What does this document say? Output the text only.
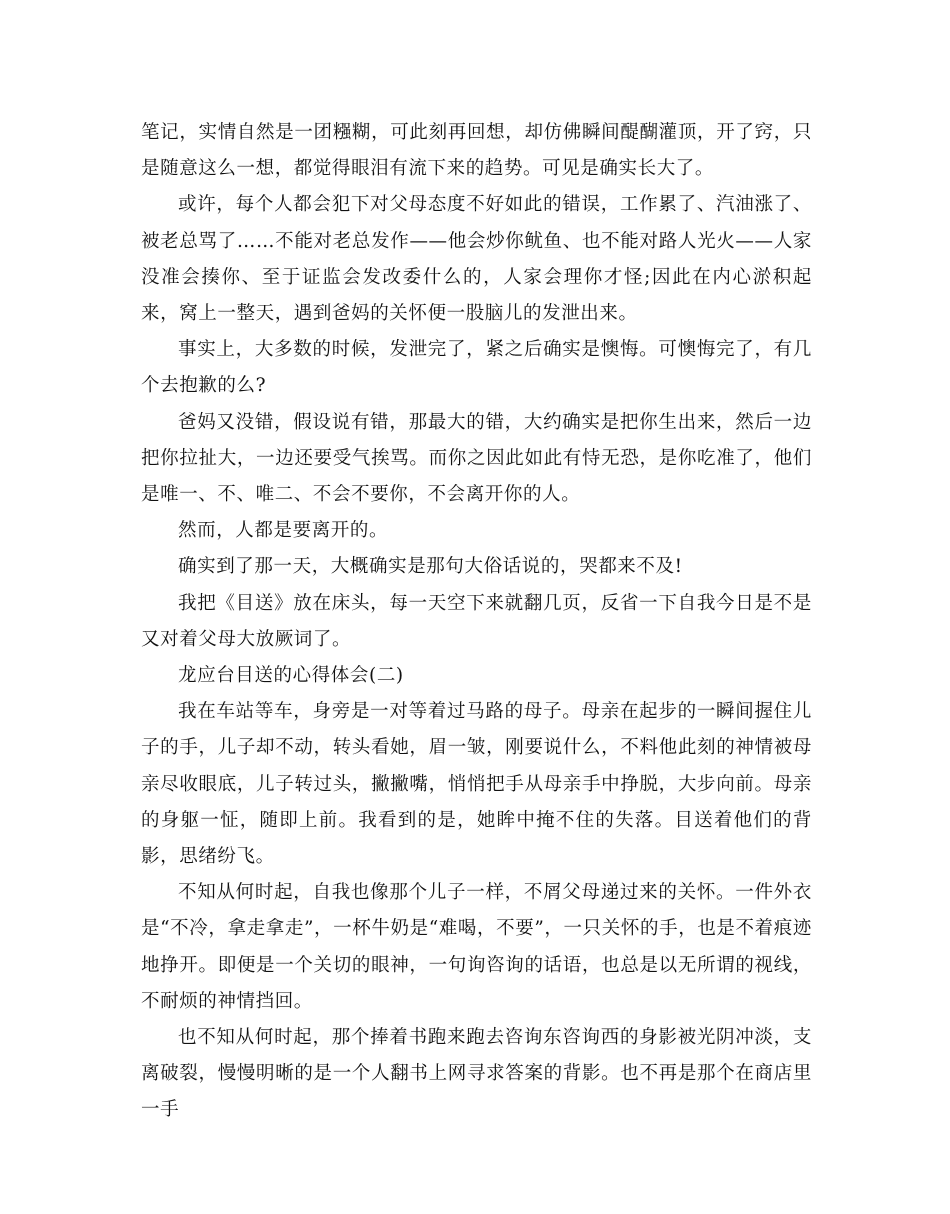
笔记，实情自然是一团糨糊，可此刻再回想，却仿佛瞬间醍醐灌顶，开了窍，只是随意这么一想，都觉得眼泪有流下来的趋势。可见是确实长大了。

或许，每个人都会犯下对父母态度不好如此的错误，工作累了、汽油涨了、被老总骂了……不能对老总发作——他会炒你鱿鱼、也不能对路人光火——人家没准会揍你、至于证监会发改委什么的，人家会理你才怪;因此在内心淤积起来，窝上一整天，遇到爸妈的关怀便一股脑儿的发泄出来。

事实上，大多数的时候，发泄完了，紧之后确实是懊悔。可懊悔完了，有几个去抱歉的么?

爸妈又没错，假设说有错，那最大的错，大约确实是把你生出来，然后一边把你拉扯大，一边还要受气挨骂。而你之因此如此有恃无恐，是你吃准了，他们是唯一、不、唯二、不会不要你，不会离开你的人。

然而，人都是要离开的。

确实到了那一天，大概确实是那句大俗话说的，哭都来不及!

我把《目送》放在床头，每一天空下来就翻几页，反省一下自我今日是不是又对着父母大放厥词了。

龙应台目送的心得体会(二)

我在车站等车，身旁是一对等着过马路的母子。母亲在起步的一瞬间握住儿子的手，儿子却不动，转头看她，眉一皱，刚要说什么，不料他此刻的神情被母亲尽收眼底，儿子转过头，撇撇嘴，悄悄把手从母亲手中挣脱，大步向前。母亲的身躯一怔，随即上前。我看到的是，她眸中掩不住的失落。目送着他们的背影，思绪纷飞。

不知从何时起，自我也像那个儿子一样，不屑父母递过来的关怀。一件外衣是“不冷，拿走拿走”，一杯牛奶是“难喝，不要”，一只关怀的手，也是不着痕迹地挣开。即便是一个关切的眼神，一句询咨询的话语，也总是以无所谓的视线，不耐烦的神情挡回。

也不知从何时起，那个捧着书跑来跑去咨询东咨询西的身影被光阴冲淡，支离破裂，慢慢明晰的是一个人翻书上网寻求答案的背影。也不再是那个在商店里一手
